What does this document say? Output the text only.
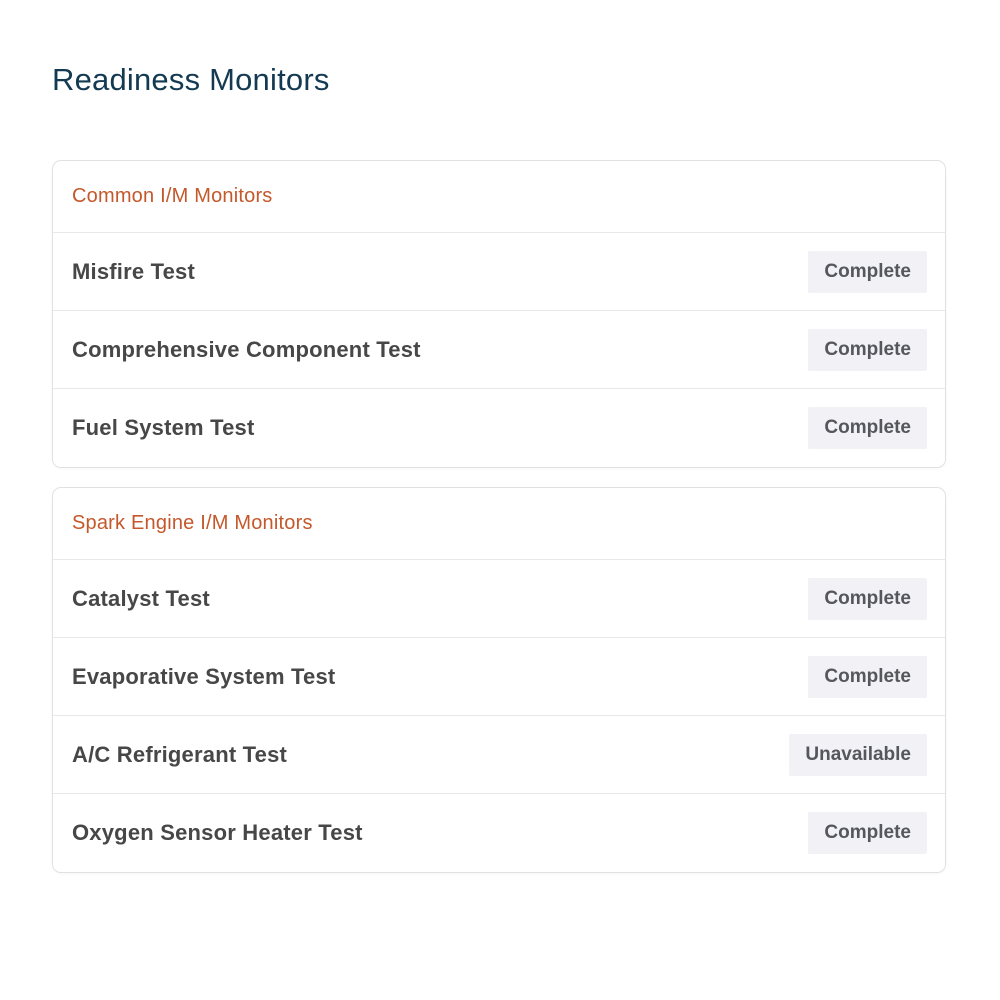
Readiness Monitors
Common I/M Monitors
Misfire Test	Complete
Comprehensive Component Test	Complete
Fuel System Test	Complete
Spark Engine I/M Monitors
Catalyst Test	Complete
Evaporative System Test	Complete
A/C Refrigerant Test	Unavailable
Oxygen Sensor Heater Test	Complete
